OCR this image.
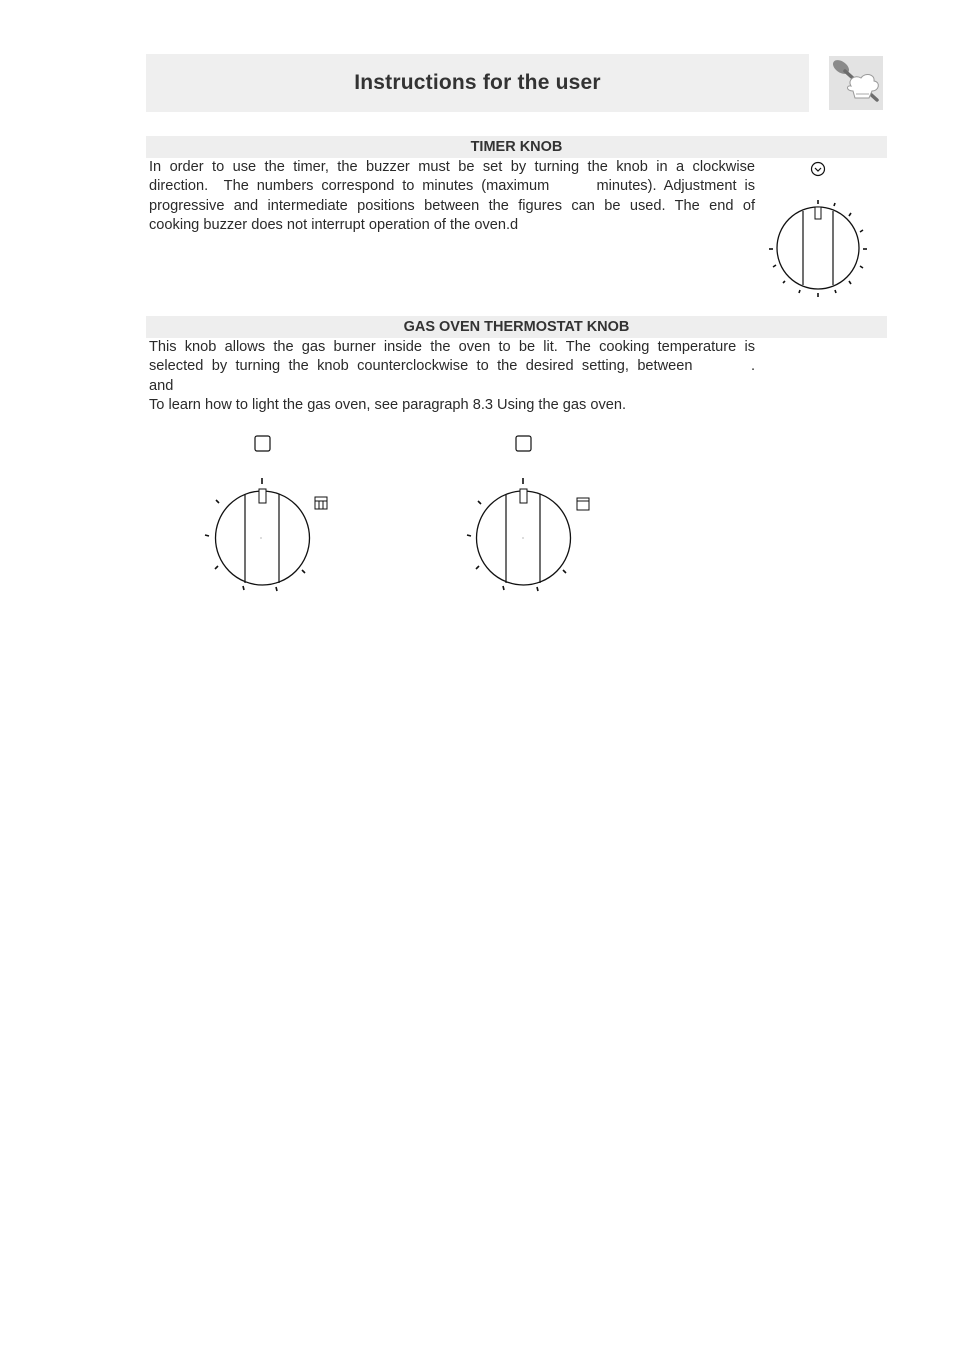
Instructions for the user
TIMER KNOB
In order to use the timer, the buzzer must be set by turning the knob in a clockwise
direction.  The numbers correspond to minutes (maximum      minutes). Adjustment is
progressive and intermediate positions between the figures can be used. The end of
cooking buzzer does not interrupt operation of the oven.d
GAS OVEN THERMOSTAT KNOB
This knob allows the gas burner inside the oven to be lit. The cooking temperature is
selected by turning the knob counterclockwise to the desired setting, between       .
and
To learn how to light the gas oven, see paragraph 8.3 Using the gas oven.
